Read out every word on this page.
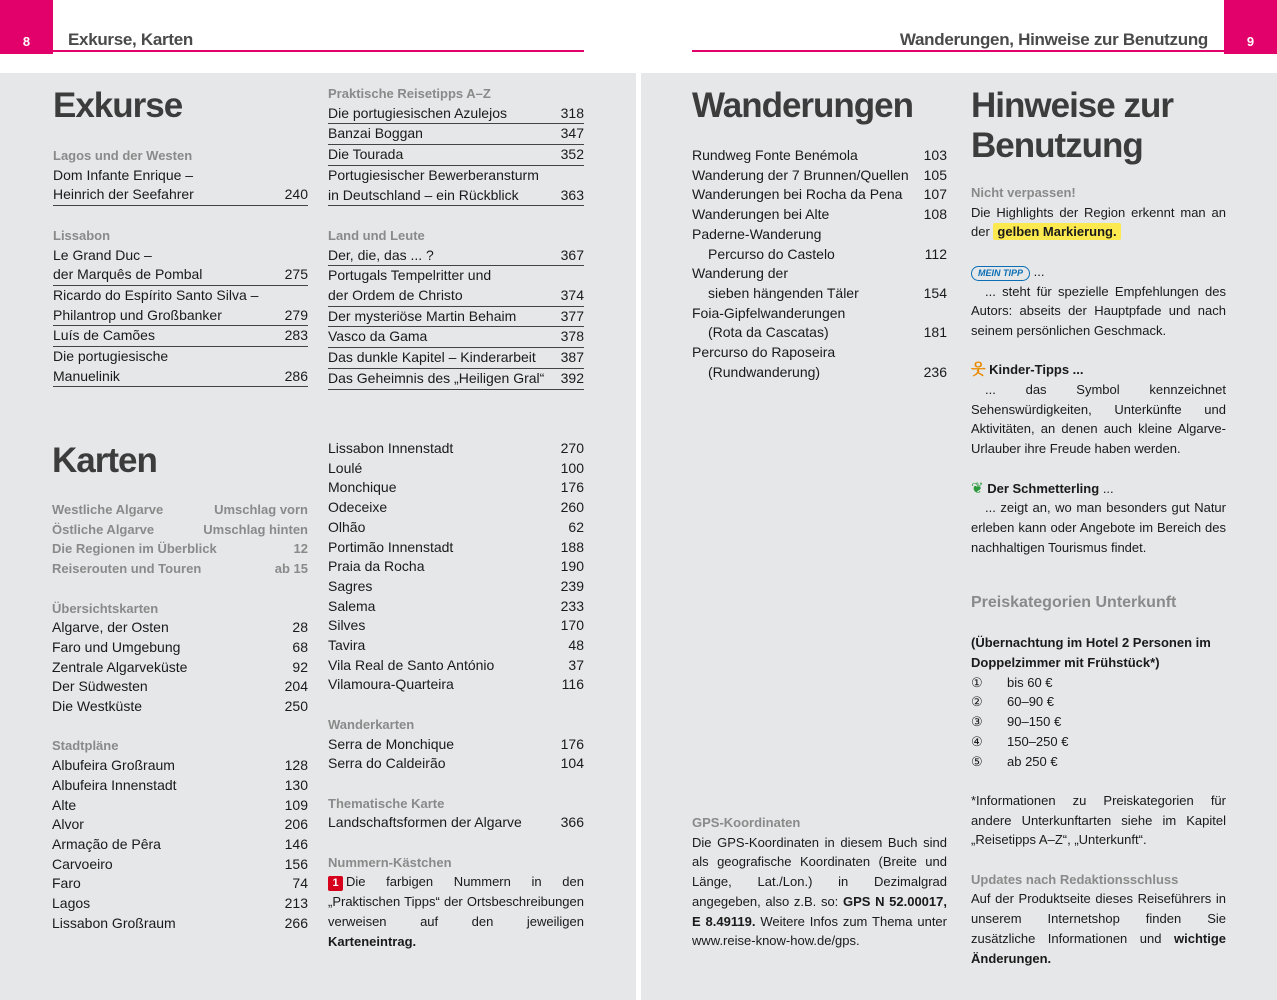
8	9
Exkurse, Karten	Wanderungen, Hinweise zur Benutzung
Exkurse
Lagos und der Westen
Dom Infante Enrique –
Heinrich der Seefahrer	240
Lissabon
Le Grand Duc –
der Marquês de Pombal	275
Ricardo do Espírito Santo Silva –
Philantrop und Großbanker	279
Luís de Camões	283
Die portugiesische
Manuelinik	286
Praktische Reisetipps A–Z
Die portugiesischen Azulejos	318
Banzai Boggan	347
Die Tourada	352
Portugiesischer Bewerberansturm
in Deutschland – ein Rückblick	363
Land und Leute
Der, die, das ... ?	367
Portugals Tempelritter und
der Ordem de Christo	374
Der mysteriöse Martin Behaim	377
Vasco da Gama	378
Das dunkle Kapitel – Kinderarbeit 387
Das Geheimnis des „Heiligen Gral“ 392
Karten
Westliche Algarve	Umschlag vorn
Östliche Algarve	Umschlag hinten
Die Regionen im Überblick	12
Reiserouten und Touren	ab 15
Übersichtskarten
Algarve, der Osten	28
Faro und Umgebung	68
Zentrale Algarveküste	92
Der Südwesten	204
Die Westküste	250
Stadtpläne
Albufeira Großraum	128
Albufeira Innenstadt	130
Alte	109
Alvor	206
Armação de Pêra	146
Carvoeiro	156
Faro	74
Lagos	213
Lissabon Großraum	266
Lissabon Innenstadt	270
Loulé	100
Monchique	176
Odeceixe	260
Olhão	62
Portimão Innenstadt	188
Praia da Rocha	190
Sagres	239
Salema	233
Silves	170
Tavira	48
Vila Real de Santo António	37
Vilamoura-Quarteira	116
Wanderkarten
Serra de Monchique	176
Serra do Caldeirão	104
Thematische Karte
Landschaftsformen der Algarve	366
Nummern-Kästchen
1 Die farbigen Nummern in den „Praktischen Tipps“ der Ortsbeschreibungen verweisen auf den jeweiligen Karteneintrag.
Wanderungen
Rundweg Fonte Benémola	103
Wanderung der 7 Brunnen/Quellen 105
Wanderungen bei Rocha da Pena 107
Wanderungen bei Alte	108
Paderne-Wanderung
Percurso do Castelo	112
Wanderung der
sieben hängenden Täler	154
Foia-Gipfelwanderungen
(Rota da Cascatas)	181
Percurso do Raposeira
(Rundwanderung)	236
GPS-Koordinaten
Die GPS-Koordinaten in diesem Buch sind als geografische Koordinaten (Breite und Länge, Lat./Lon.) in Dezimalgrad angegeben, also z.B. so: GPS N 52.00017, E 8.49119. Weitere Infos zum Thema unter www.reise-know-how.de/gps.
Hinweise zur
Benutzung
Nicht verpassen!
Die Highlights der Region erkennt man an der gelben Markierung.
MEIN TIPP ...
... steht für spezielle Empfehlungen des Autors: abseits der Hauptpfade und nach seinem persönlichen Geschmack.
웃 Kinder-Tipps ...
... das Symbol kennzeichnet Sehenswürdigkeiten, Unterkünfte und Aktivitäten, an denen auch kleine Algarve-Urlauber ihre Freude haben werden.
❦ Der Schmetterling ...
... zeigt an, wo man besonders gut Natur erleben kann oder Angebote im Bereich des nachhaltigen Tourismus findet.
Preiskategorien Unterkunft
(Übernachtung im Hotel 2 Personen im Doppelzimmer mit Frühstück*)
① bis 60 €
② 60–90 €
③ 90–150 €
④ 150–250 €
⑤ ab 250 €
*Informationen zu Preiskategorien für andere Unterkunftarten siehe im Kapitel „Reisetipps A–Z“, „Unterkunft“.
Updates nach Redaktionsschluss
Auf der Produktseite dieses Reiseführers in unserem Internetshop finden Sie zusätzliche Informationen und wichtige Änderungen.
